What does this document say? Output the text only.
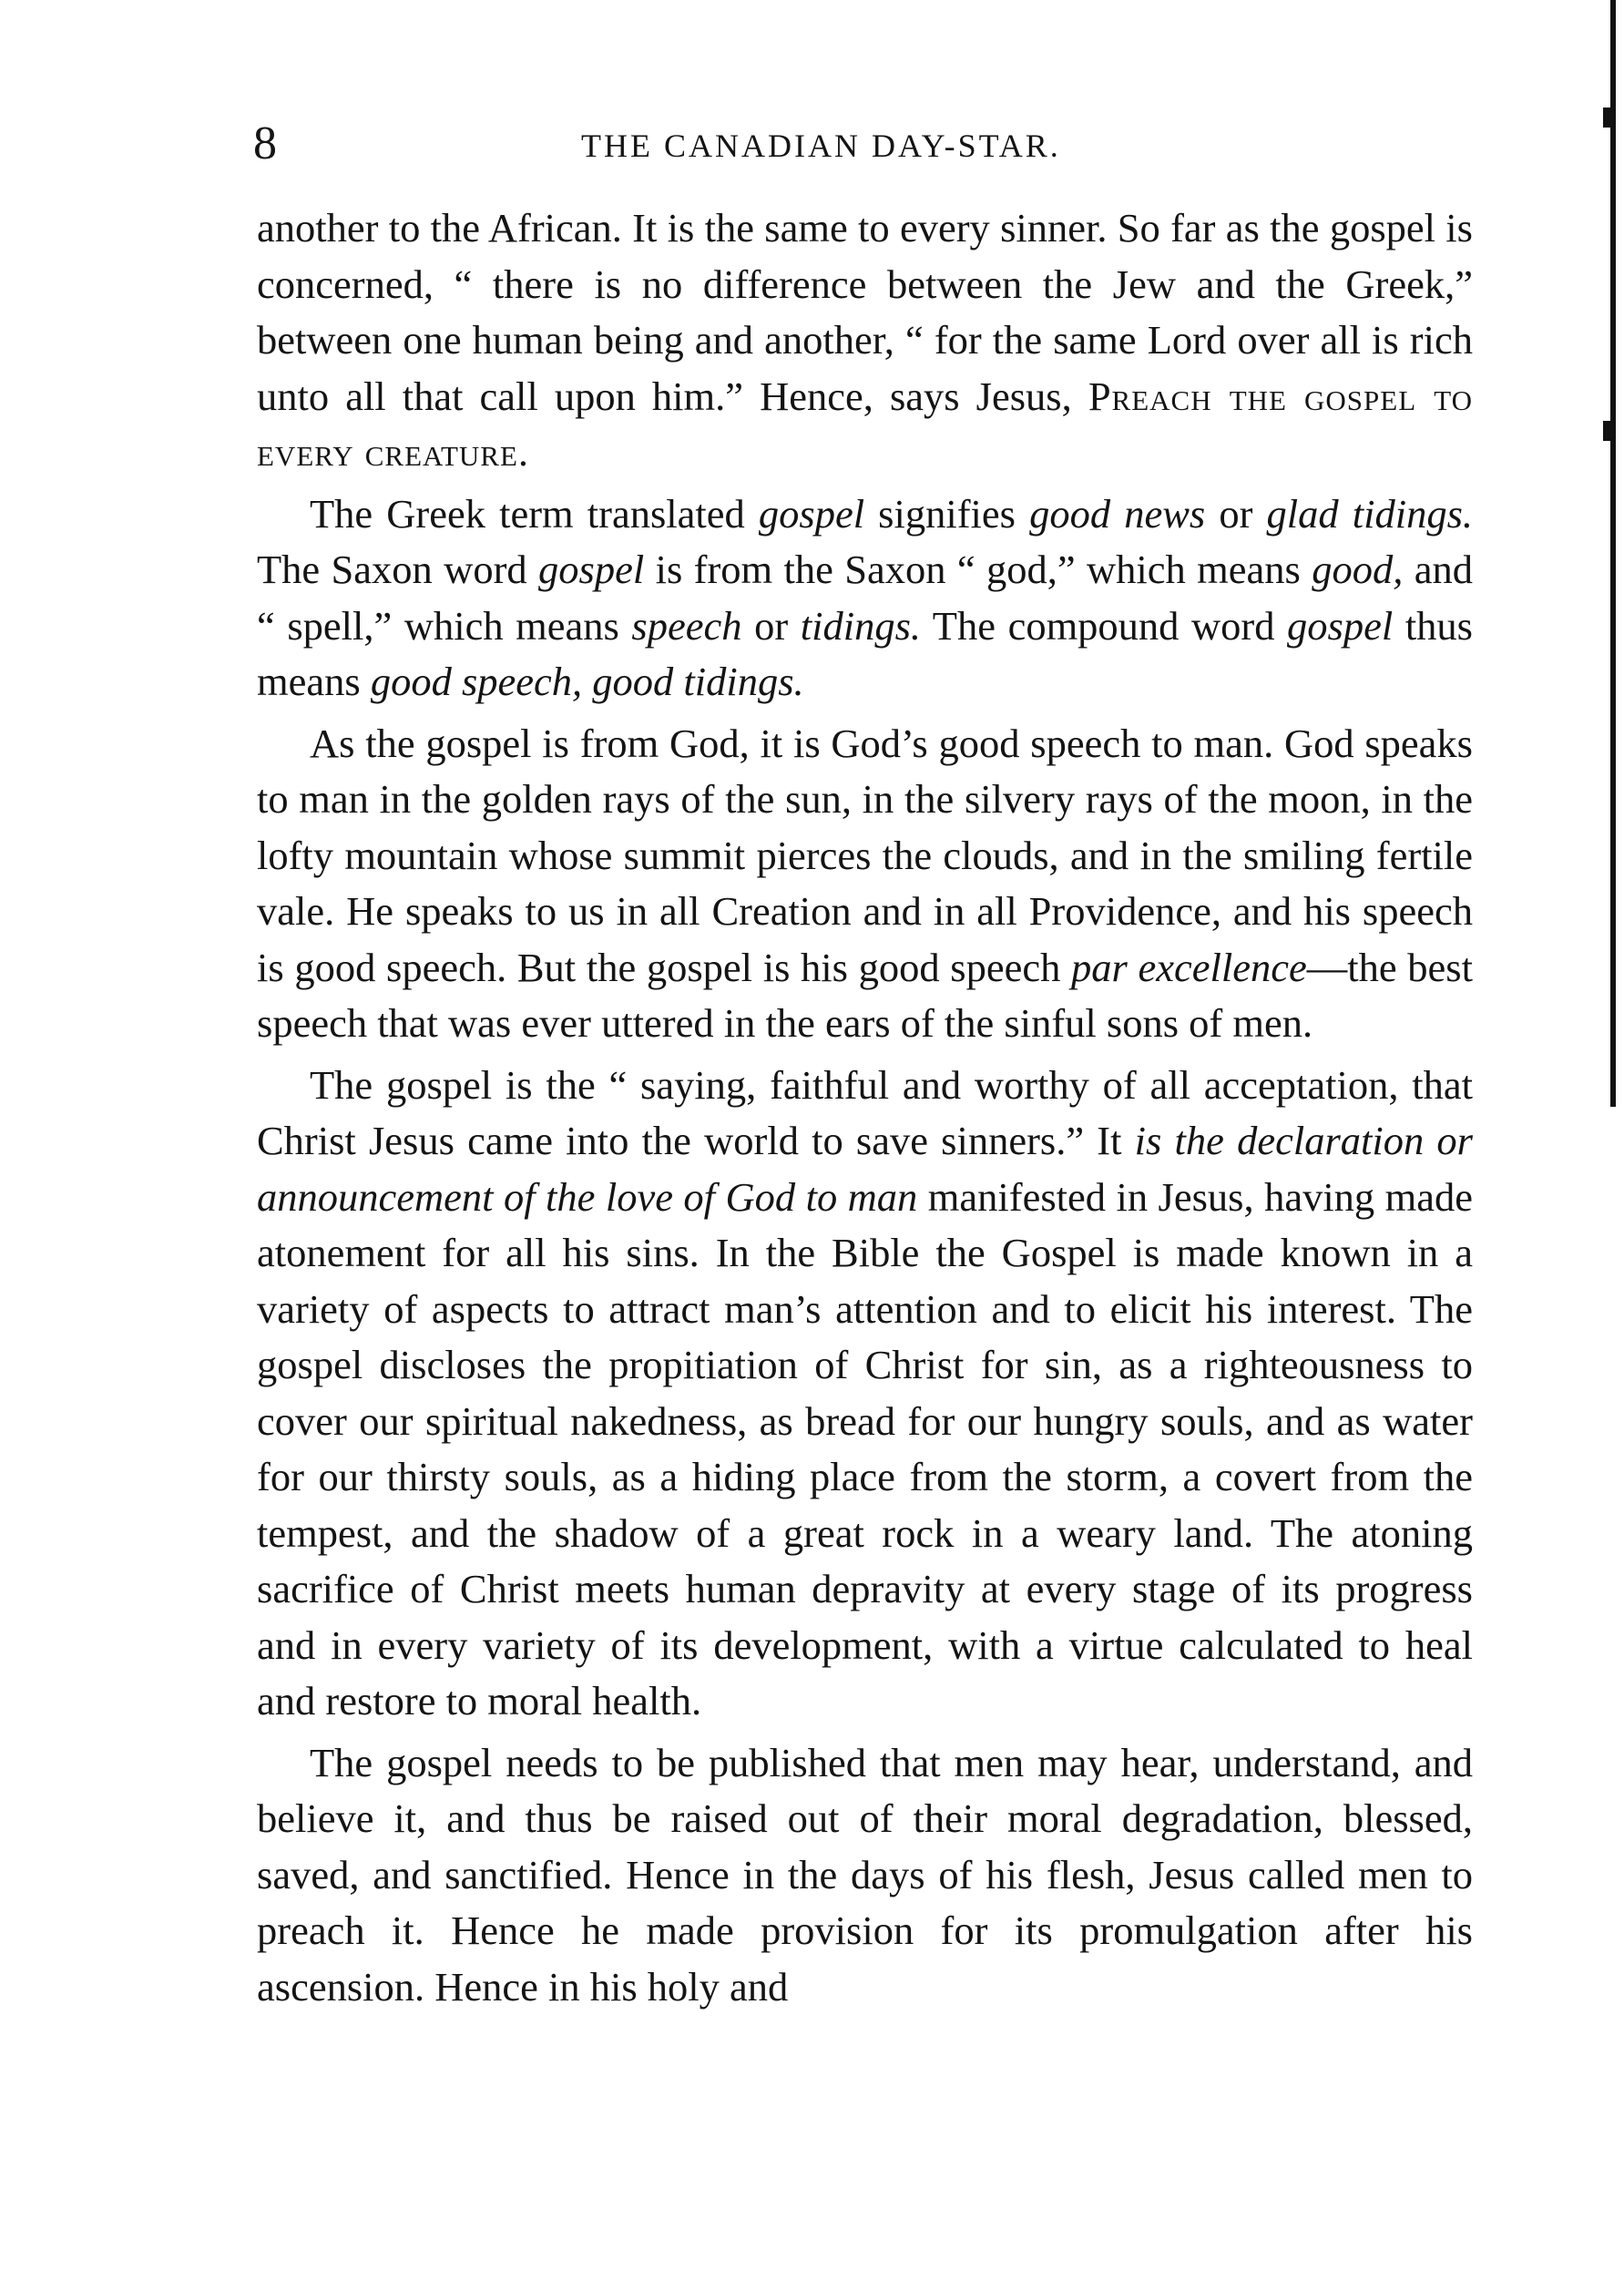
8	THE CANADIAN DAY-STAR.

another to the African. It is the same to every sinner. So far as the gospel is concerned, “ there is no difference between the Jew and the Greek,” between one human being and another, “ for the same Lord over all is rich unto all that call upon him.” Hence, says Jesus, Preach the gospel to every creature.

The Greek term translated gospel signifies good news or glad tidings. The Saxon word gospel is from the Saxon “ god,” which means good, and “ spell,” which means speech or tidings. The compound word gospel thus means good speech, good tidings.

As the gospel is from God, it is God’s good speech to man. God speaks to man in the golden rays of the sun, in the silvery rays of the moon, in the lofty mountain whose summit pierces the clouds, and in the smiling fertile vale. He speaks to us in all Creation and in all Providence, and his speech is good speech. But the gospel is his good speech par excellence—the best speech that was ever uttered in the ears of the sinful sons of men.

The gospel is the “ saying, faithful and worthy of all acceptation, that Christ Jesus came into the world to save sinners.” It is the declaration or announcement of the love of God to man manifested in Jesus, having made atonement for all his sins. In the Bible the Gospel is made known in a variety of aspects to attract man’s attention and to elicit his interest. The gospel discloses the propitiation of Christ for sin, as a righteousness to cover our spiritual nakedness, as bread for our hungry souls, and as water for our thirsty souls, as a hiding place from the storm, a covert from the tempest, and the shadow of a great rock in a weary land. The atoning sacrifice of Christ meets human depravity at every stage of its progress and in every variety of its development, with a virtue calculated to heal and restore to moral health.

The gospel needs to be published that men may hear, understand, and believe it, and thus be raised out of their moral degradation, blessed, saved, and sanctified. Hence in the days of his flesh, Jesus called men to preach it. Hence he made provision for its promulgation after his ascension. Hence in his holy and
